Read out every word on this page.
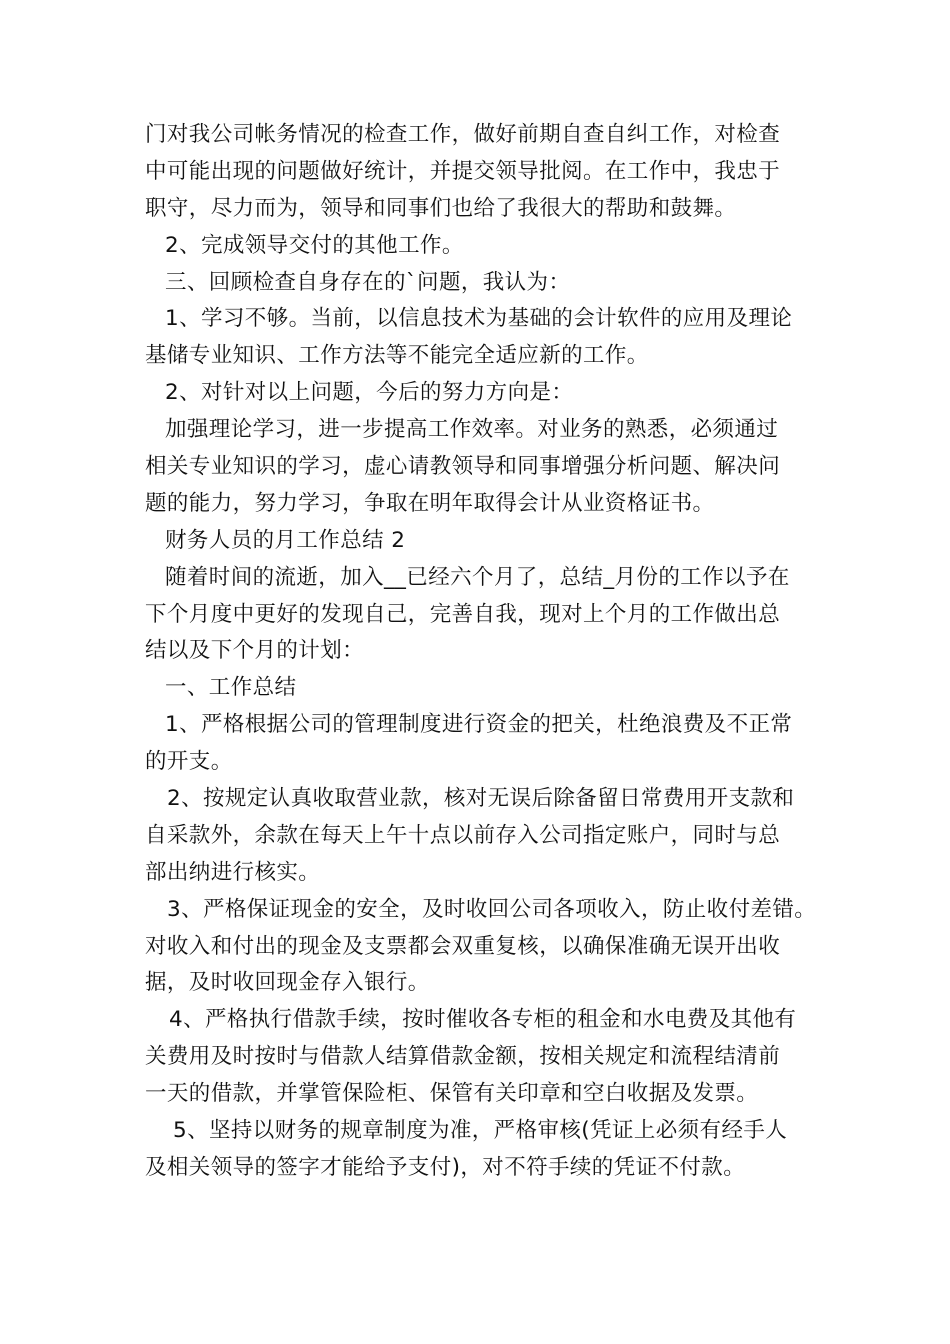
门对我公司帐务情况的检查工作，做好前期自查自纠工作，对检查
中可能出现的问题做好统计，并提交领导批阅。在工作中，我忠于
职守，尽力而为，领导和同事们也给了我很大的帮助和鼓舞。
2、完成领导交付的其他工作。
三、回顾检查自身存在的`问题，我认为：
1、学习不够。当前，以信息技术为基础的会计软件的应用及理论
基储专业知识、工作方法等不能完全适应新的工作。
2、对针对以上问题，今后的努力方向是：
加强理论学习，进一步提高工作效率。对业务的熟悉，必须通过
相关专业知识的学习，虚心请教领导和同事增强分析问题、解决问
题的能力，努力学习，争取在明年取得会计从业资格证书。
财务人员的月工作总结 2
随着时间的流逝，加入__已经六个月了，总结_月份的工作以予在
下个月度中更好的发现自己，完善自我，现对上个月的工作做出总
结以及下个月的计划：
一、工作总结
1、严格根据公司的管理制度进行资金的把关，杜绝浪费及不正常
的开支。
2、按规定认真收取营业款，核对无误后除备留日常费用开支款和
自采款外，余款在每天上午十点以前存入公司指定账户，同时与总
部出纳进行核实。
3、严格保证现金的安全，及时收回公司各项收入，防止收付差错。
对收入和付出的现金及支票都会双重复核，以确保准确无误开出收
据，及时收回现金存入银行。
4、严格执行借款手续，按时催收各专柜的租金和水电费及其他有
关费用及时按时与借款人结算借款金额，按相关规定和流程结清前
一天的借款，并掌管保险柜、保管有关印章和空白收据及发票。
5、坚持以财务的规章制度为准，严格审核(凭证上必须有经手人
及相关领导的签字才能给予支付)，对不符手续的凭证不付款。
